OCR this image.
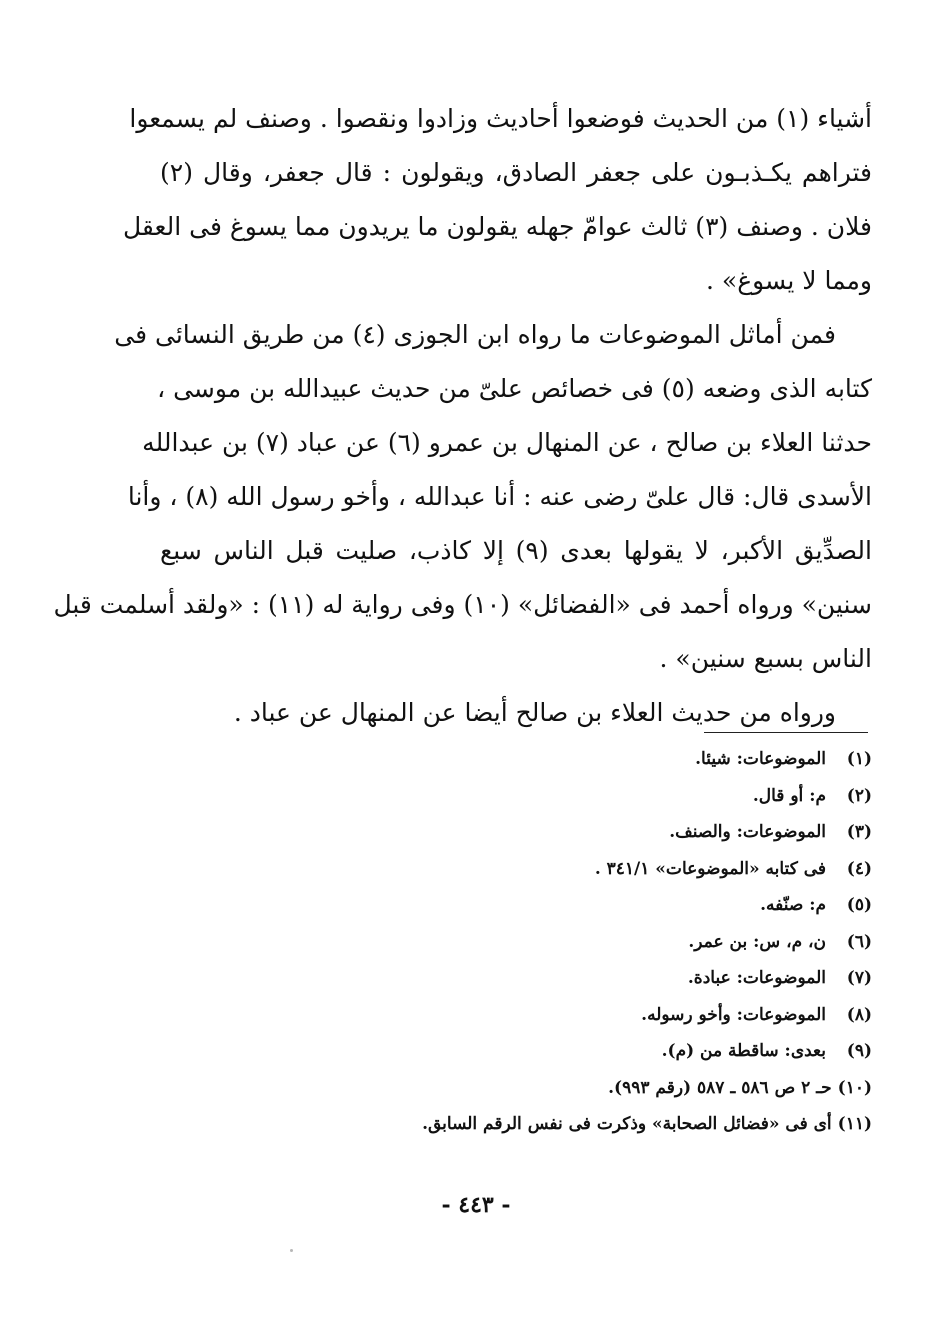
أشياء (١) من الحديث فوضعوا أحاديث وزادوا ونقصوا . وصنف لم يسمعوا
فتراهم يكـذبـون على جعفر الصادق، ويقولون : قال جعفر، وقال (٢)
فلان . وصنف (٣) ثالث عوامّ جهله يقولون ما يريدون مما يسوغ فى العقل
ومما لا يسوغ» .
فمن أماثل الموضوعات ما رواه ابن الجوزى (٤) من طريق النسائى فى
كتابه الذى وضعه (٥) فى خصائص علىّ من حديث عبيدالله بن موسى ،
حدثنا العلاء بن صالح ، عن المنهال بن عمرو (٦) عن عباد (٧) بن عبدالله
الأسدى قال: قال علىّ رضى عنه : أنا عبدالله ، وأخو رسول الله (٨) ، وأنا
الصدِّيق الأكبر، لا يقولها بعدى (٩) إلا كاذب، صليت قبل الناس سبع
سنين» ورواه أحمد فى «الفضائل» (١٠) وفى رواية له (١١) : «ولقد أسلمت قبل
الناس بسبع سنين» .
ورواه من حديث العلاء بن صالح أيضا عن المنهال عن عباد .
(١)الموضوعات: شيئا.
(٢)م: أو قال.
(٣)الموضوعات: والصنف.
(٤)فى كتابه «الموضوعات» ٣٤١/١ .
(٥)م: صنّفه.
(٦)ن، م، س: بن عمر.
(٧)الموضوعات: عبادة.
(٨)الموضوعات: وأخو رسوله.
(٩)بعدى: ساقطة من (م).
(١٠)حـ ٢ ص ٥٨٦ ـ ٥٨٧ (رقم ٩٩٣).
(١١)أى فى «فضائل الصحابة» وذكرت فى نفس الرقم السابق.
- ٤٤٣ -
